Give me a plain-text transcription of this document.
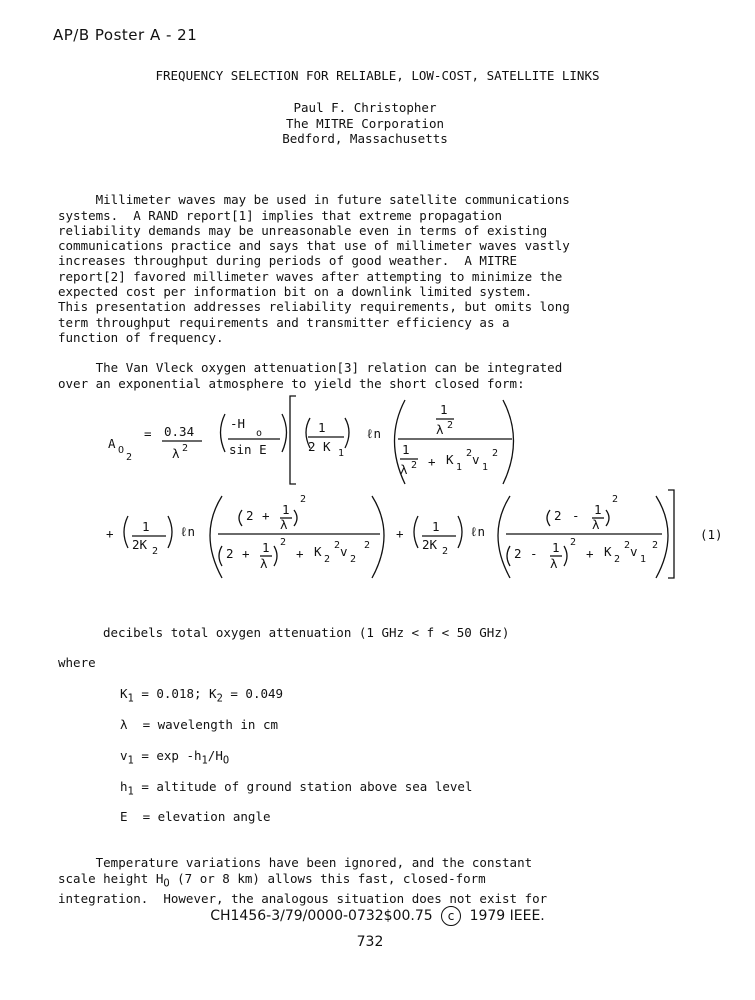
AP/B Poster A - 21
FREQUENCY SELECTION FOR RELIABLE, LOW-COST, SATELLITE LINKS
Paul F. Christopher
The MITRE Corporation
Bedford, Massachusetts

Millimeter waves may be used in future satellite communications
systems.  A RAND report[1] implies that extreme propagation
reliability demands may be unreasonable even in terms of existing
communications practice and says that use of millimeter waves vastly
increases throughput during periods of good weather.  A MITRE
report[2] favored millimeter waves after attempting to minimize the
expected cost per information bit on a downlink limited system.
This presentation addresses reliability requirements, but omits long
term throughput requirements and transmitter efficiency as a
function of frequency.

The Van Vleck oxygen attenuation[3] relation can be integrated
over an exponential atmosphere to yield the short closed form:

A O
2
= 0.34
λ 2
-H
o
sin E
1
2 K 1
ℓn
1
λ 2
1
λ 2 + K
1
2 v
1
2
+ 1
2K 2
ℓn
2 + 1
λ
2
2 + 1
λ
2
+ K
2
2 v
2
2
+ 1
2K 2
ℓn
2 - 1
λ
2
2 - 1
λ
2
+ K
2
2 v
1
2
(1)
decibels total oxygen attenuation (1 GHz < f < 50 GHz)
where
$K_1 = 0.018$; $K_2 = 0.049$
λ  = wavelength in cm
$v_1 = \exp -h_1/H_O$
$h_1$ = altitude of ground station above sea level
E  = elevation angle

Temperature variations have been ignored, and the constant
scale height $H_O$ (7 or 8 km) allows this fast, closed-form
integration.  However, the analogous situation does not exist for

CH1456-3/79/0000-0732$00.75 c 1979 IEEE.
732
